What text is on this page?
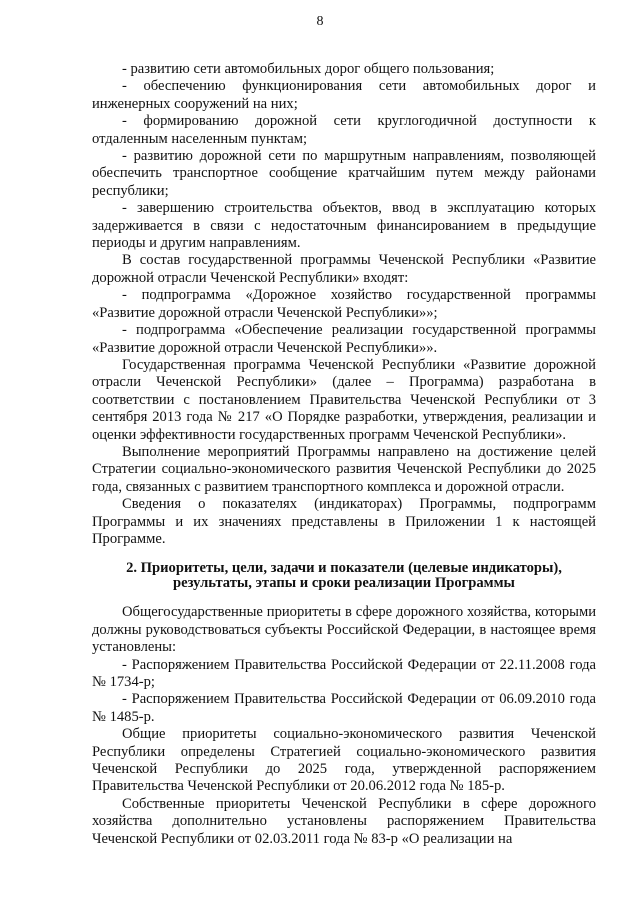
8

- развитию сети автомобильных дорог общего пользования;

- обеспечению функционирования сети автомобильных дорог и инженерных сооружений на них;

- формированию дорожной сети круглогодичной доступности к отдаленным населенным пунктам;

- развитию дорожной сети по маршрутным направлениям, позволяющей обеспечить транспортное сообщение кратчайшим путем между районами республики;

- завершению строительства объектов, ввод в эксплуатацию которых задерживается в связи с недостаточным финансированием в предыдущие периоды и другим направлениям.

В состав государственной программы Чеченской Республики «Развитие дорожной отрасли Чеченской Республики» входят:

- подпрограмма «Дорожное хозяйство государственной программы «Развитие дорожной отрасли Чеченской Республики»»;

- подпрограмма «Обеспечение реализации государственной программы «Развитие дорожной отрасли Чеченской Республики»».

Государственная программа Чеченской Республики «Развитие дорожной отрасли Чеченской Республики» (далее – Программа) разработана в соответствии с постановлением Правительства Чеченской Республики от 3 сентября 2013 года № 217 «О Порядке разработки, утверждения, реализации и оценки эффективности государственных программ Чеченской Республики».

Выполнение мероприятий Программы направлено на достижение целей Стратегии социально-экономического развития Чеченской Республики до 2025 года, связанных с развитием транспортного комплекса и дорожной отрасли.

Сведения о показателях (индикаторах) Программы, подпрограмм Программы и их значениях представлены в Приложении 1 к настоящей Программе.

2. Приоритеты, цели, задачи и показатели (целевые индикаторы),
результаты, этапы и сроки реализации Программы

Общегосударственные приоритеты в сфере дорожного хозяйства, которыми должны руководствоваться субъекты Российской Федерации, в настоящее время установлены:

- Распоряжением Правительства Российской Федерации от 22.11.2008 года № 1734-р;

- Распоряжением Правительства Российской Федерации от 06.09.2010 года № 1485-р.

Общие приоритеты социально-экономического развития Чеченской Республики определены Стратегией социально-экономического развития Чеченской Республики до 2025 года, утвержденной распоряжением Правительства Чеченской Республики от 20.06.2012 года № 185-р.

Собственные приоритеты Чеченской Республики в сфере дорожного хозяйства дополнительно установлены распоряжением Правительства Чеченской Республики от 02.03.2011 года № 83-р «О реализации на
